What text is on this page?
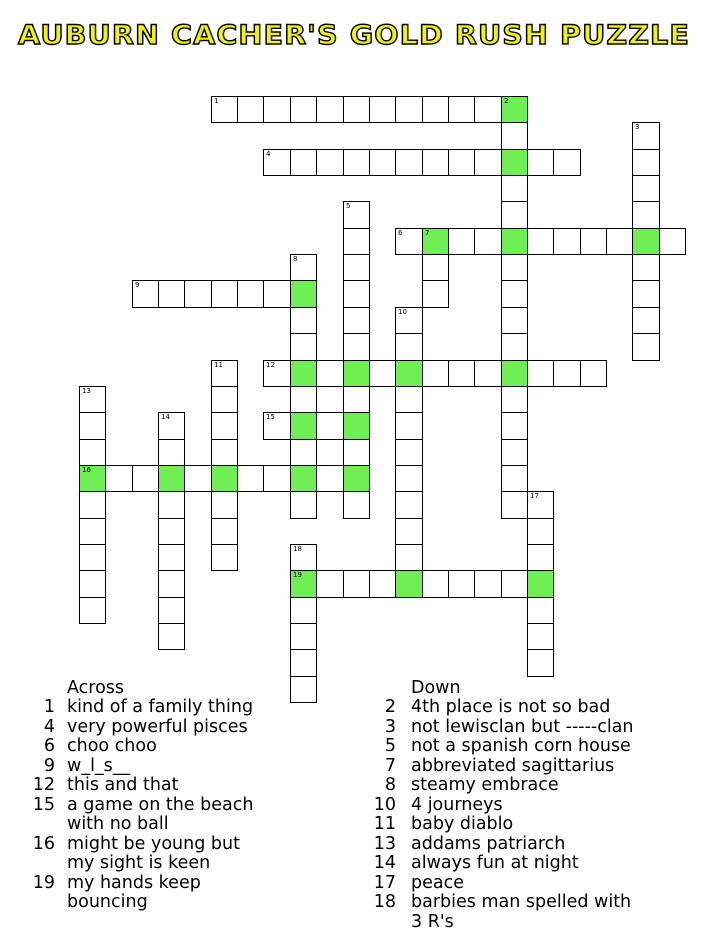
AUBURN CACHER'S GOLD RUSH PUZZLE
1	2
4
6	7
9
12
15
16
19
3
5
8
10
11
13
14
17
18
Across	Down
1 kind of a family thing
4 very powerful pisces
6 choo choo
9 w_l_s__
12 this and that
15 a game on the beach
with no ball
16 might be young but
my sight is keen
19 my hands keep
bouncing
2 4th place is not so bad
3 not lewisclan but -----clan
5 not a spanish corn house
7 abbreviated sagittarius
8 steamy embrace
10 4 journeys
11 baby diablo
13 addams patriarch
14 always fun at night
17 peace
18 barbies man spelled with
3 R's
